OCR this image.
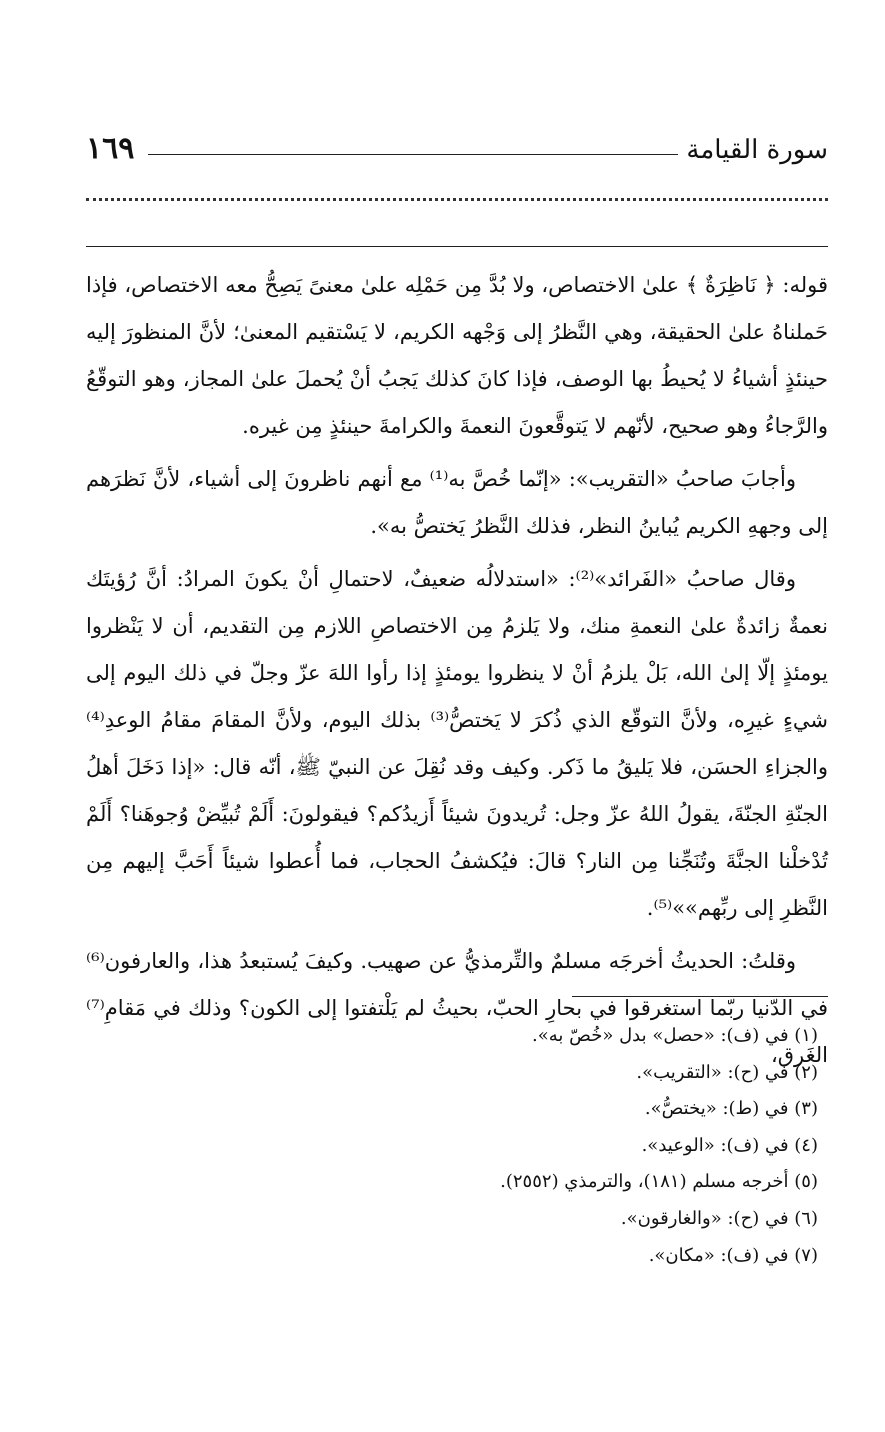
سورة القيامة
١٦٩

قوله: ﴿ نَاظِرَةٌ ﴾ علىٰ الاختصاص، ولا بُدَّ مِن حَمْلِه علىٰ معنىً يَصِحُّ معه الاختصاص، فإذا حَملناهُ علىٰ الحقيقة، وهي النَّظرُ إلى وَجْهه الكريم، لا يَسْتقيم المعنىٰ؛ لأنَّ المنظورَ إليه حينئذٍ أشياءُ لا يُحيطُ بها الوصف، فإذا كانَ كذلك يَجبُ أنْ يُحملَ علىٰ المجاز، وهو التوقّعُ والرَّجاءُ وهو صحيح، لأنّهم لا يَتوقَّعونَ النعمةَ والكرامةَ حينئذٍ مِن غيره.

وأجابَ صاحبُ «التقريب»: «إنّما خُصَّ به⁽¹⁾ مع أنهم ناظرونَ إلى أشياء، لأنَّ نَظرَهم إلى وجههِ الكريم يُباينُ النظر، فذلك النَّظرُ يَختصُّ به».

وقال صاحبُ «الفَرائد»⁽²⁾: «استدلالُه ضعيفٌ، لاحتمالِ أنْ يكونَ المرادُ: أنَّ رُؤيتَك نعمةٌ زائدةٌ علىٰ النعمةِ منك، ولا يَلزمُ مِن الاختصاصِ اللازم مِن التقديم، أن لا يَنْظروا يومئذٍ إلّا إلىٰ الله، بَلْ يلزمُ أنْ لا ينظروا يومئذٍ إذا رأوا اللهَ عزّ وجلّ في ذلك اليوم إلى شيءٍ غيرِه، ولأنَّ التوقّع الذي ذُكرَ لا يَختصُّ⁽³⁾ بذلك اليوم، ولأنَّ المقامَ مقامُ الوعدِ⁽⁴⁾ والجزاءِ الحسَن، فلا يَليقُ ما ذَكر. وكيف وقد نُقِلَ عن النبيّ ﷺ، أنّه قال: «إذا دَخَلَ أهلُ الجنّةِ الجنّةَ، يقولُ اللهُ عزّ وجل: تُريدونَ شيئاً أَزيدُكم؟ فيقولونَ: أَلَمْ تُبيِّضْ وُجوهَنا؟ أَلَمْ تُدْخلْنا الجنَّةَ وتُنَجِّنا مِن النار؟ قالَ: فيُكشفُ الحجاب، فما أُعطوا شيئاً أَحَبَّ إليهم مِن النَّظرِ إلى ربِّهم»»⁽⁵⁾.

وقلتُ: الحديثُ أخرجَه مسلمٌ والتِّرمذيُّ عن صهيب. وكيفَ يُستبعدُ هذا، والعارفون⁽⁶⁾ في الدّنيا ربّما استغرقوا في بحارِ الحبّ، بحيثُ لم يَلْتفتوا إلى الكون؟ وذلك في مَقامِ⁽⁷⁾ الغَرق،

(١) في (ف): «حصل» بدل «خُصّ به».
(٢) في (ح): «التقريب».
(٣) في (ط): «يختصُّ».
(٤) في (ف): «الوعيد».
(٥) أخرجه مسلم (١٨١)، والترمذي (٢٥٥٢).
(٦) في (ح): «والغارقون».
(٧) في (ف): «مكان».
